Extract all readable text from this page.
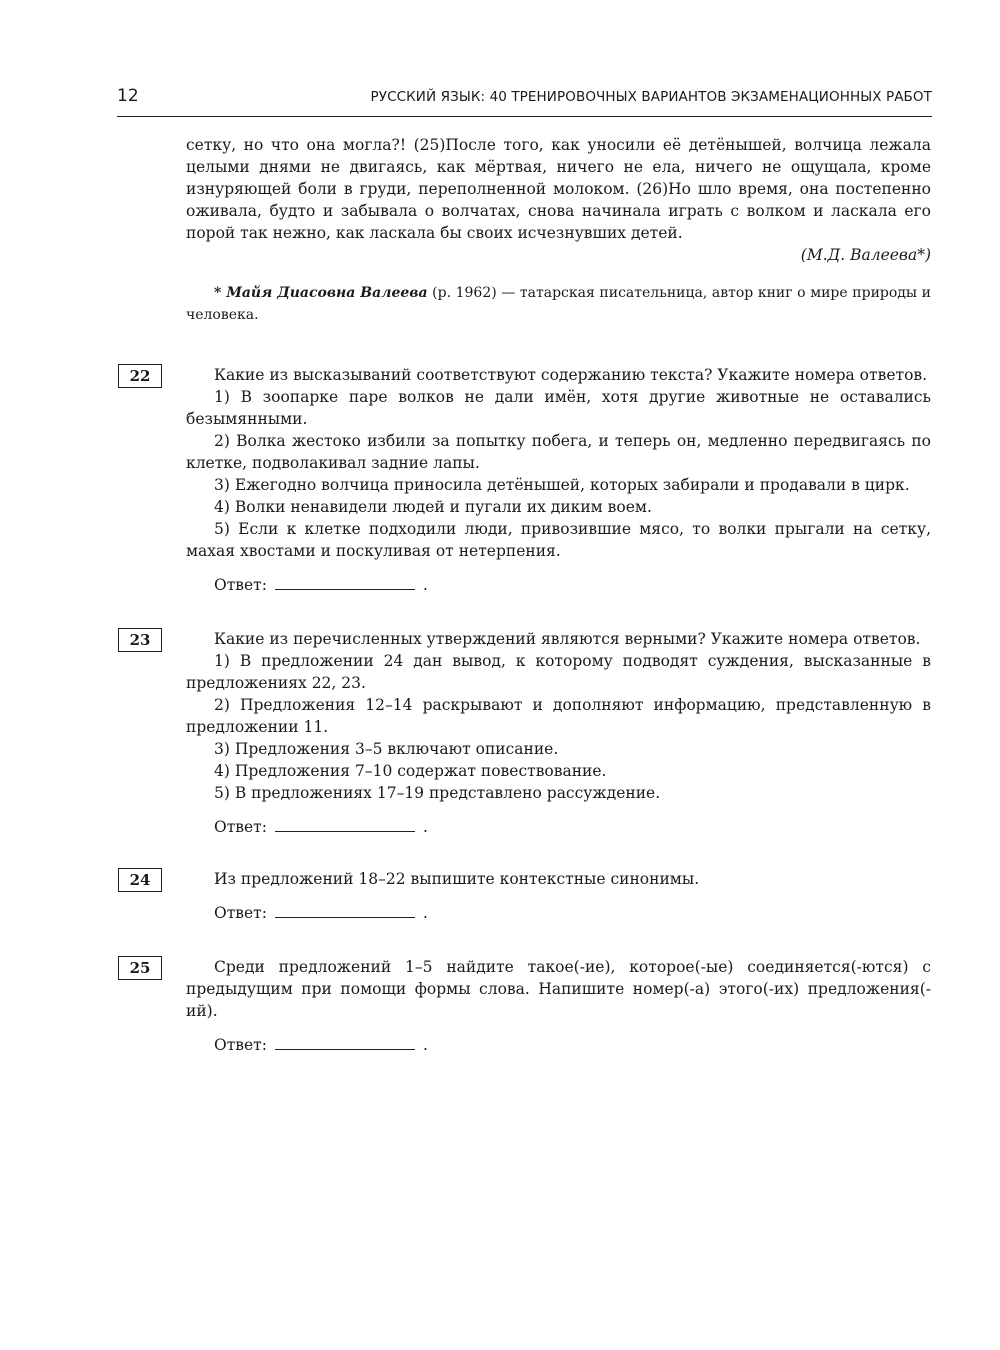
12	РУССКИЙ ЯЗЫК: 40 ТРЕНИРОВОЧНЫХ ВАРИАНТОВ ЭКЗАМЕНАЦИОННЫХ РАБОТ

сетку, но что она могла?! (25)После того, как уносили её детёнышей, волчица лежала целыми днями не двигаясь, как мёртвая, ничего не ела, ничего не ощущала, кроме изнуряющей боли в груди, переполненной молоком. (26)Но шло время, она постепенно оживала, будто и забывала о волчатах, снова начинала играть с волком и ласкала его порой так нежно, как ласкала бы своих исчезнувших детей.

(М.Д. Валеева*)

* Майя Диасовна Валеева (р. 1962) — татарская писательница, автор книг о мире природы и человека.

22	Какие из высказываний соответствуют содержанию текста? Укажите номера ответов.

1) В зоопарке паре волков не дали имён, хотя другие животные не оставались безымянными.

2) Волка жестоко избили за попытку побега, и теперь он, медленно передвигаясь по клетке, подволакивал задние лапы.

3) Ежегодно волчица приносила детёнышей, которых забирали и продавали в цирк.

4) Волки ненавидели людей и пугали их диким воем.

5) Если к клетке подходили люди, привозившие мясо, то волки прыгали на сетку, махая хвостами и поскуливая от нетерпения.

Ответ:	.
23	Какие из перечисленных утверждений являются верными? Укажите номера ответов.

1) В предложении 24 дан вывод, к которому подводят суждения, высказанные в предложениях 22, 23.

2) Предложения 12–14 раскрывают и дополняют информацию, представленную в предложении 11.

3) Предложения 3–5 включают описание.

4) Предложения 7–10 содержат повествование.

5) В предложениях 17–19 представлено рассуждение.

Ответ:	.
24	Из предложений 18–22 выпишите контекстные синонимы.

Ответ:	.
25	Среди предложений 1–5 найдите такое(-ие), которое(-ые) соединяется(-ются) с предыдущим при помощи формы слова. Напишите номер(-а) этого(-их) предложения(-ий).

Ответ:	.
